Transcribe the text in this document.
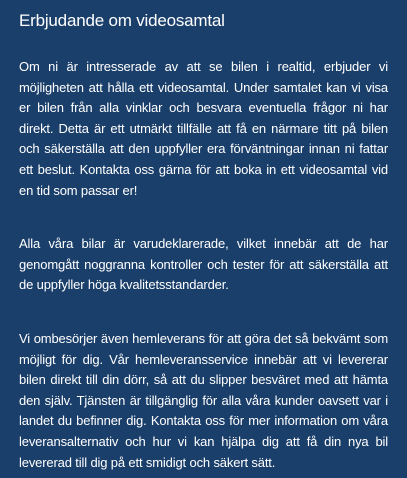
Erbjudande om videosamtal

Om ni är intresserade av att se bilen i realtid, erbjuder vi möjligheten att hålla ett videosamtal. Under samtalet kan vi visa er bilen från alla vinklar och besvara eventuella frågor ni har direkt. Detta är ett utmärkt tillfälle att få en närmare titt på bilen och säkerställa att den uppfyller era förväntningar innan ni fattar ett beslut. Kontakta oss gärna för att boka in ett videosamtal vid en tid som passar er!

Alla våra bilar är varudeklarerade, vilket innebär att de har genomgått noggranna kontroller och tester för att säkerställa att de uppfyller höga kvalitetsstandarder.

Vi ombesörjer även hemleverans för att göra det så bekvämt som möjligt för dig. Vår hemleveransservice innebär att vi levererar bilen direkt till din dörr, så att du slipper besväret med att hämta den själv. Tjänsten är tillgänglig för alla våra kunder oavsett var i landet du befinner dig. Kontakta oss för mer information om våra leveransalternativ och hur vi kan hjälpa dig att få din nya bil levererad till dig på ett smidigt och säkert sätt.
